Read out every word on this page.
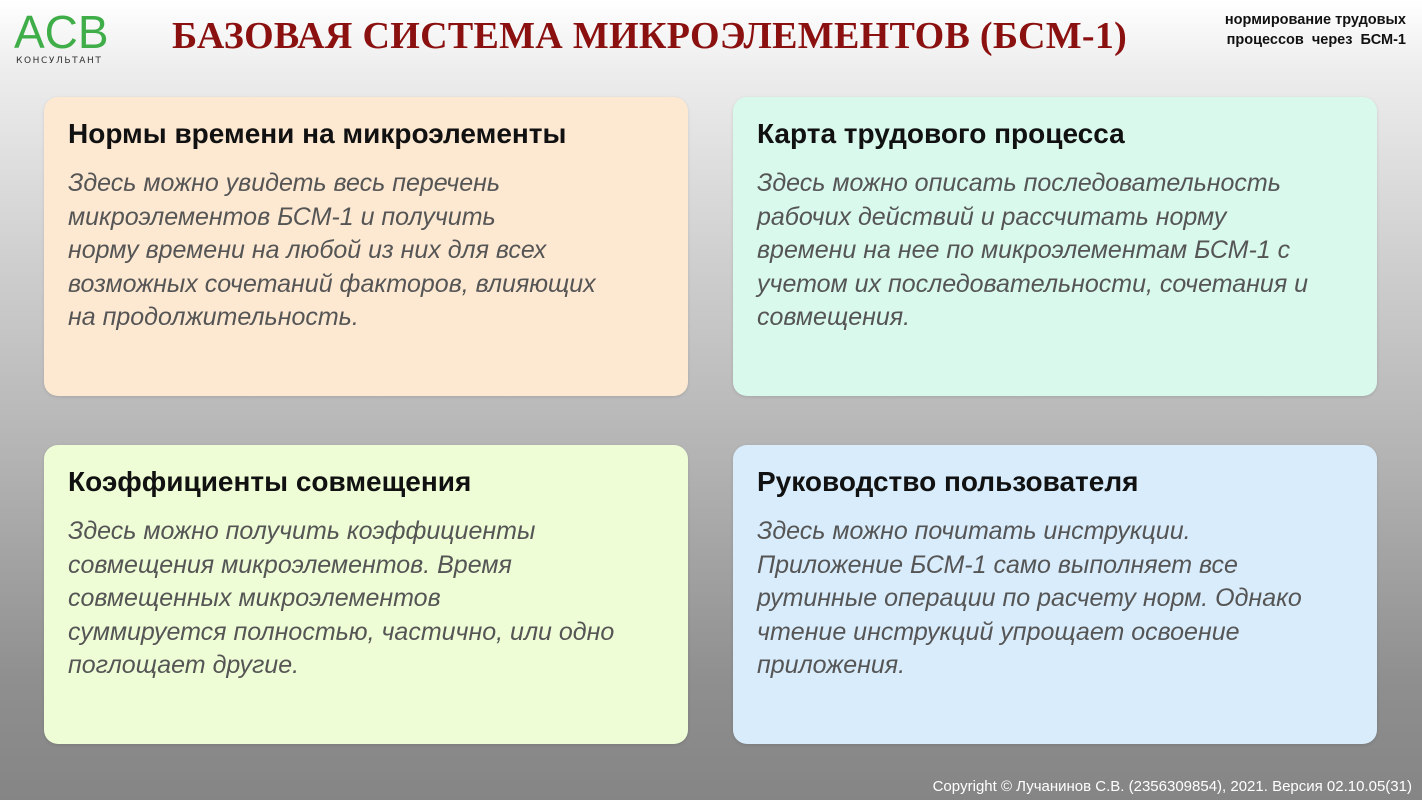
ACB
КОНСУЛЬТАНТ
БАЗОВАЯ СИСТЕМА МИКРОЭЛЕМЕНТОВ (БСМ-1)	нормирование трудовых
процессов  через  БСМ-1
Нормы времени на микроэлементы
Здесь можно увидеть весь перечень
микроэлементов БСМ-1 и получить
норму времени на любой из них для всех
возможных сочетаний факторов, влияющих
на продолжительность.
Карта трудового процесса
Здесь можно описать последовательность
рабочих действий и рассчитать норму
времени на нее по микроэлементам БСМ-1 с
учетом их последовательности, сочетания и
совмещения.
Коэффициенты совмещения
Здесь можно получить коэффициенты
совмещения микроэлементов. Время
совмещенных микроэлементов
суммируется полностью, частично, или одно
поглощает другие.
Руководство пользователя
Здесь можно почитать инструкции.
Приложение БСМ-1 само выполняет все
рутинные операции по расчету норм. Однако
чтение инструкций упрощает освоение
приложения.
Copyright © Лучанинов С.В. (2356309854), 2021. Версия 02.10.05(31)
